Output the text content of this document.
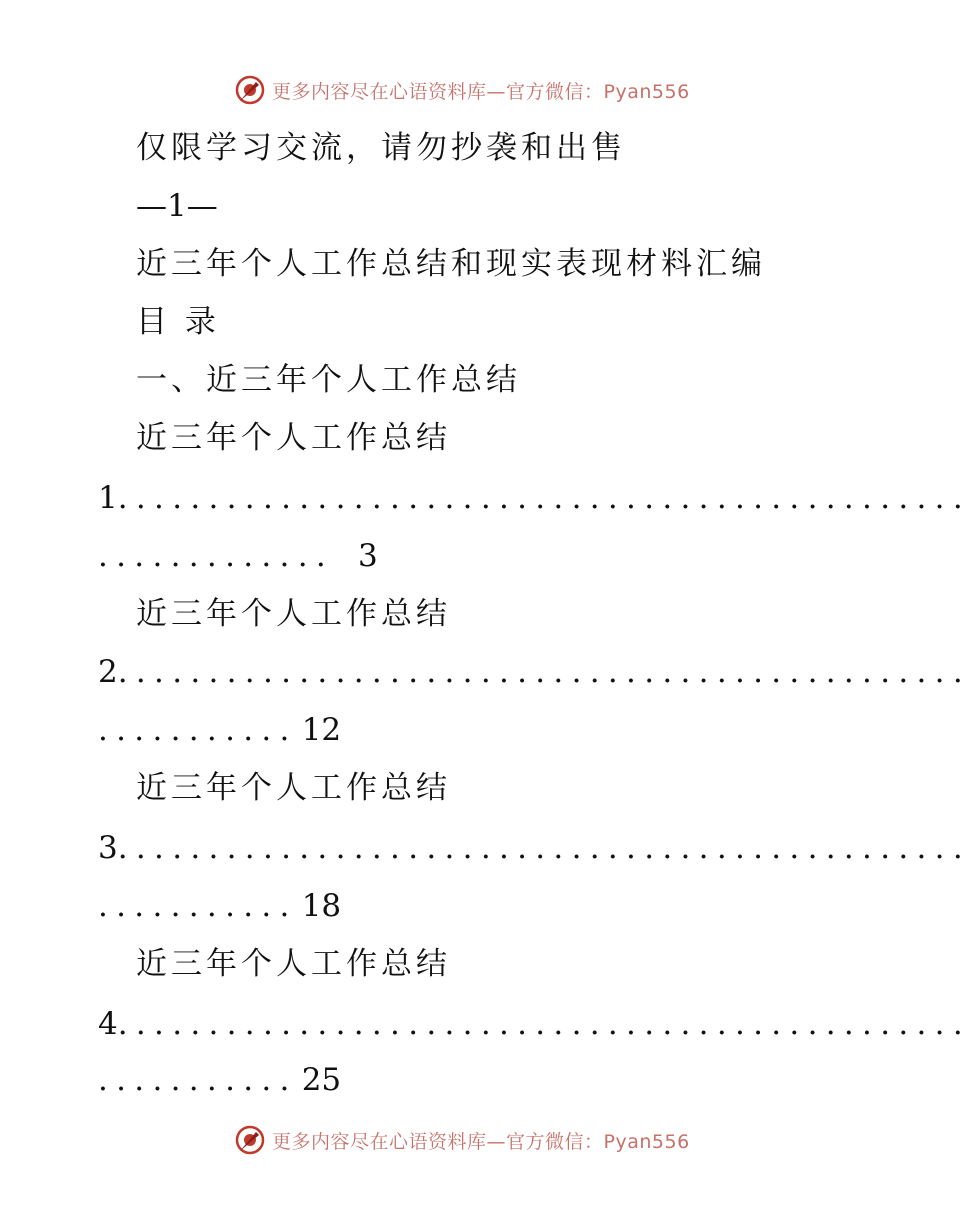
更多内容尽在心语资料库—官方微信：Pyan556
仅限学习交流，请勿抄袭和出售
—1—
近三年个人工作总结和现实表现材料汇编
目 录
一、近三年个人工作总结
近三年个人工作总结
1...............................................
............. 3
近三年个人工作总结
2...............................................
........... 12
近三年个人工作总结
3...............................................
........... 18
近三年个人工作总结
4...............................................
........... 25
更多内容尽在心语资料库—官方微信：Pyan556
